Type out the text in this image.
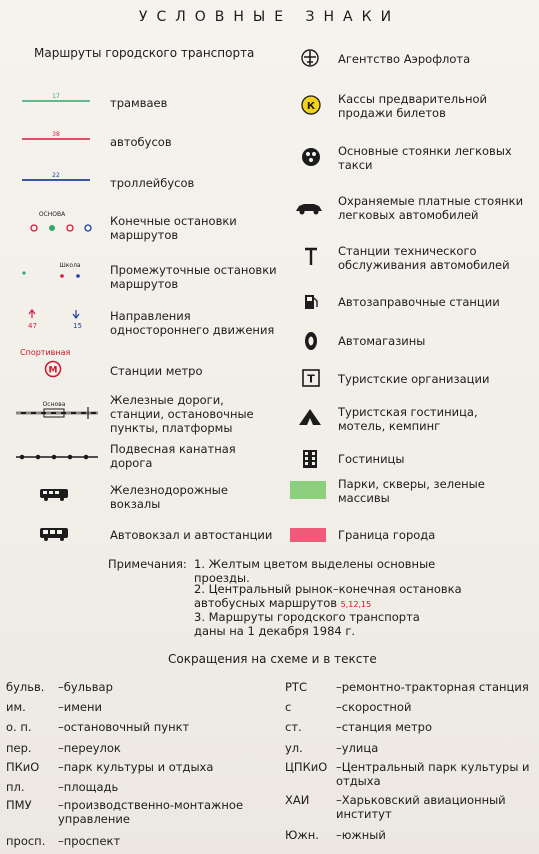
УСЛОВНЫЕ ЗНАКИ
Маршруты городского транспорта
17	трамваев
38
автобусов
22
троллейбусов
ОСНОВА	Конечные остановки маршрутов
Школа	Промежуточные остановки маршрутов
47	15
Направления одностороннего движения
Спортивная
М	Станции метро
Основа	Железные дороги, станции, остановочные пункты, платформы
Подвесная канатная дорога
Железнодорожные вокзалы
Автовокзал и автостанции
Агентство Аэрофлота
К
Кассы предварительной продажи билетов
Основные стоянки легковых такси
Охраняемые платные стоянки легковых автомобилей
Станции технического обслуживания автомобилей
Автозаправочные станции
Автомагазины
Т Туристские организации
Туристская гостиница, мотель, кемпинг
Гостиницы
Парки, скверы, зеленые массивы
Граница города
Примечания: 1. Желтым цветом выделены основные проезды.
2. Центральный рынок–конечная остановка автобусных маршрутов 5,12,15
3. Маршруты городского транспорта даны на 1 декабря 1984 г.
Сокращения на схеме и в тексте
бульв. –бульвар
им.	–имени
о. п. –остановочный пункт
пер. –переулок
ПКиО –парк культуры и отдыха
пл.	–площадь
ПМУ –производственно-монтажное управление
просп. –проспект
РТС	–ремонтно-тракторная станция
с	–скоростной
ст.	–станция метро
ул.	–улица
ЦПКиО –Центральный парк культуры и отдыха
ХАИ –Харьковский авиационный институт
Южн. –южный
